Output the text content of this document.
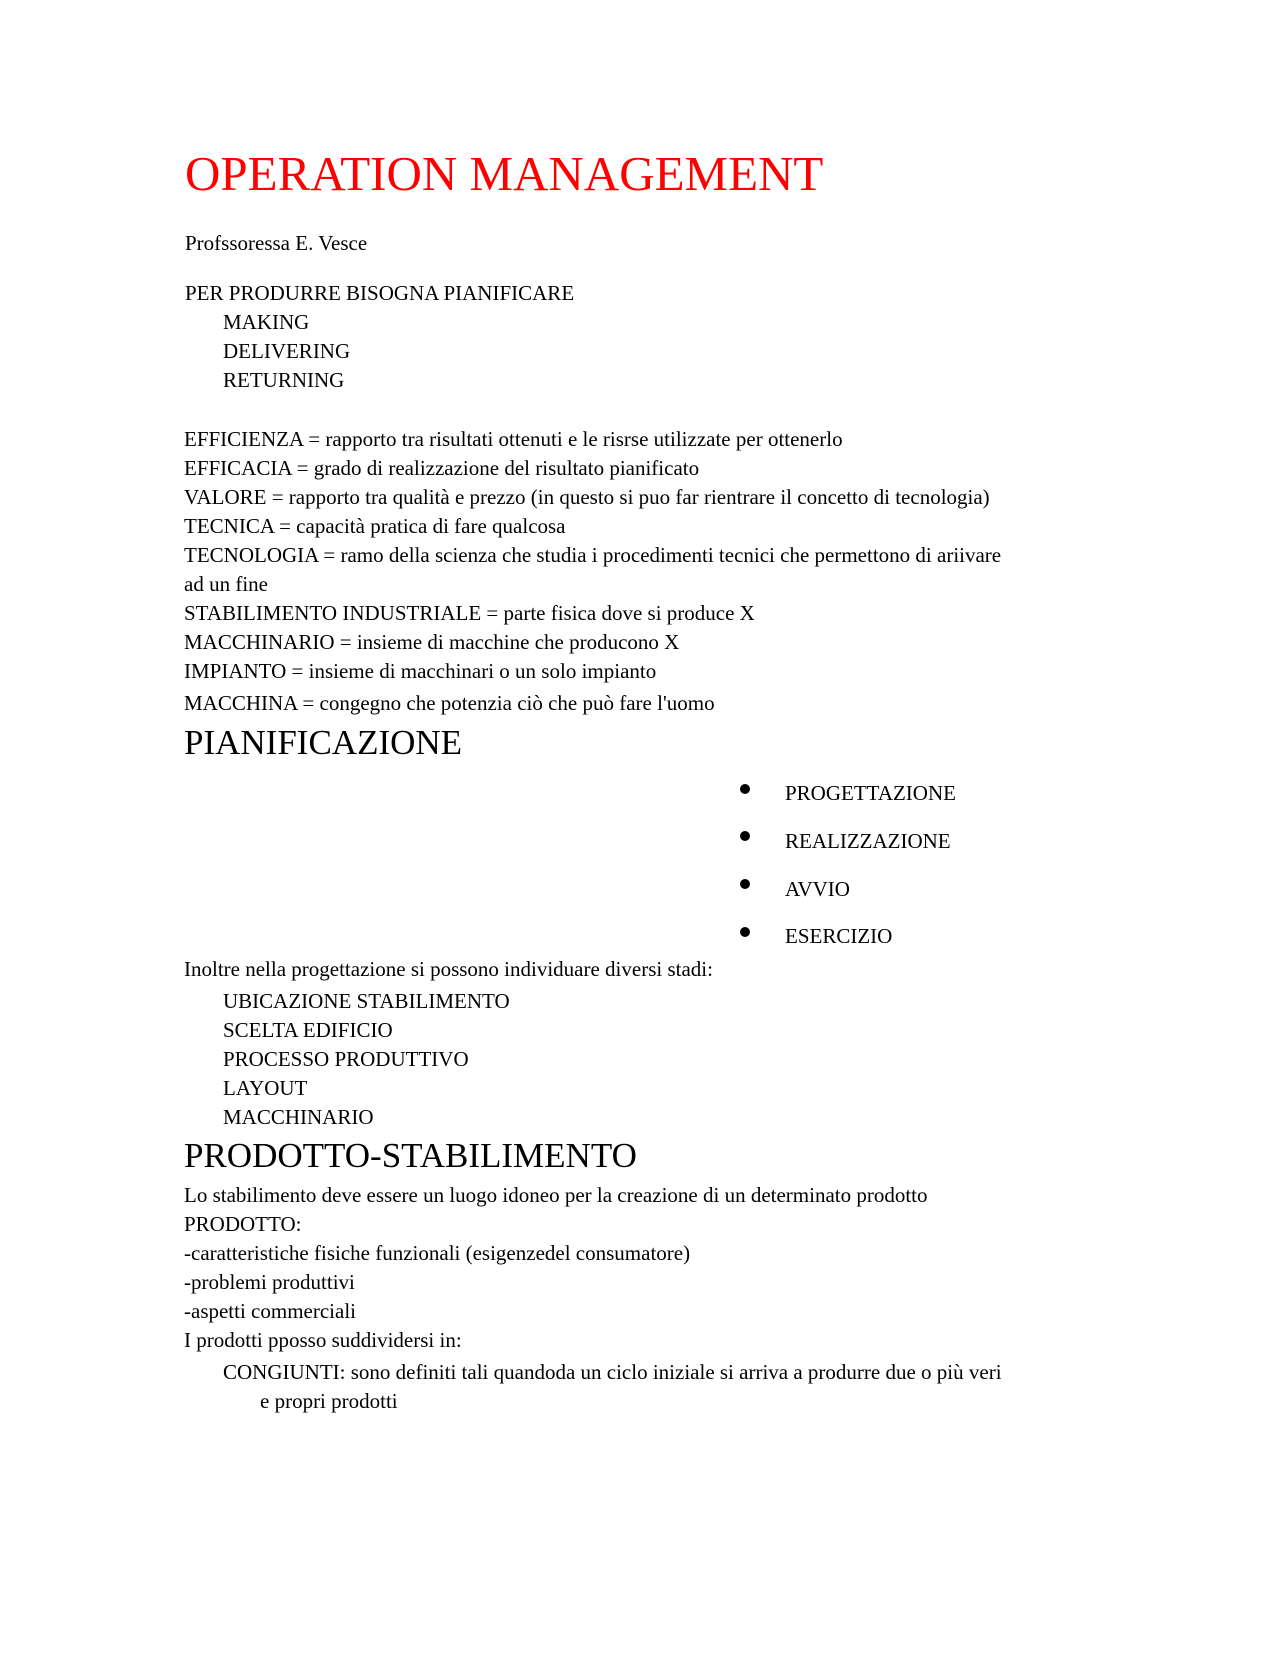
OPERATION MANAGEMENT
Profssoressa E. Vesce
PER PRODURRE BISOGNA PIANIFICARE
MAKING
DELIVERING
RETURNING
EFFICIENZA = rapporto tra risultati ottenuti e le risrse utilizzate per ottenerlo
EFFICACIA = grado di realizzazione del risultato pianificato
VALORE = rapporto tra qualità e prezzo (in questo si puo far rientrare il concetto di tecnologia)
TECNICA = capacità pratica di fare qualcosa
TECNOLOGIA = ramo della scienza che studia i procedimenti tecnici che permettono di ariivare
ad un fine
STABILIMENTO INDUSTRIALE = parte fisica dove si produce X
MACCHINARIO = insieme di macchine che producono X
IMPIANTO = insieme di macchinari o un solo impianto
MACCHINA = congegno che potenzia ciò che può fare l'uomo
PIANIFICAZIONE
PROGETTAZIONE
REALIZZAZIONE
AVVIO
ESERCIZIO
Inoltre nella progettazione si possono individuare diversi stadi:
UBICAZIONE STABILIMENTO
SCELTA EDIFICIO
PROCESSO PRODUTTIVO
LAYOUT
MACCHINARIO
PRODOTTO-STABILIMENTO
Lo stabilimento deve essere un luogo idoneo per la creazione di un determinato prodotto
PRODOTTO:
-caratteristiche fisiche funzionali (esigenzedel consumatore)
-problemi produttivi
-aspetti commerciali
I prodotti pposso suddividersi in:
CONGIUNTI: sono definiti tali quandoda un ciclo iniziale si arriva a produrre due o più veri
e propri prodotti
